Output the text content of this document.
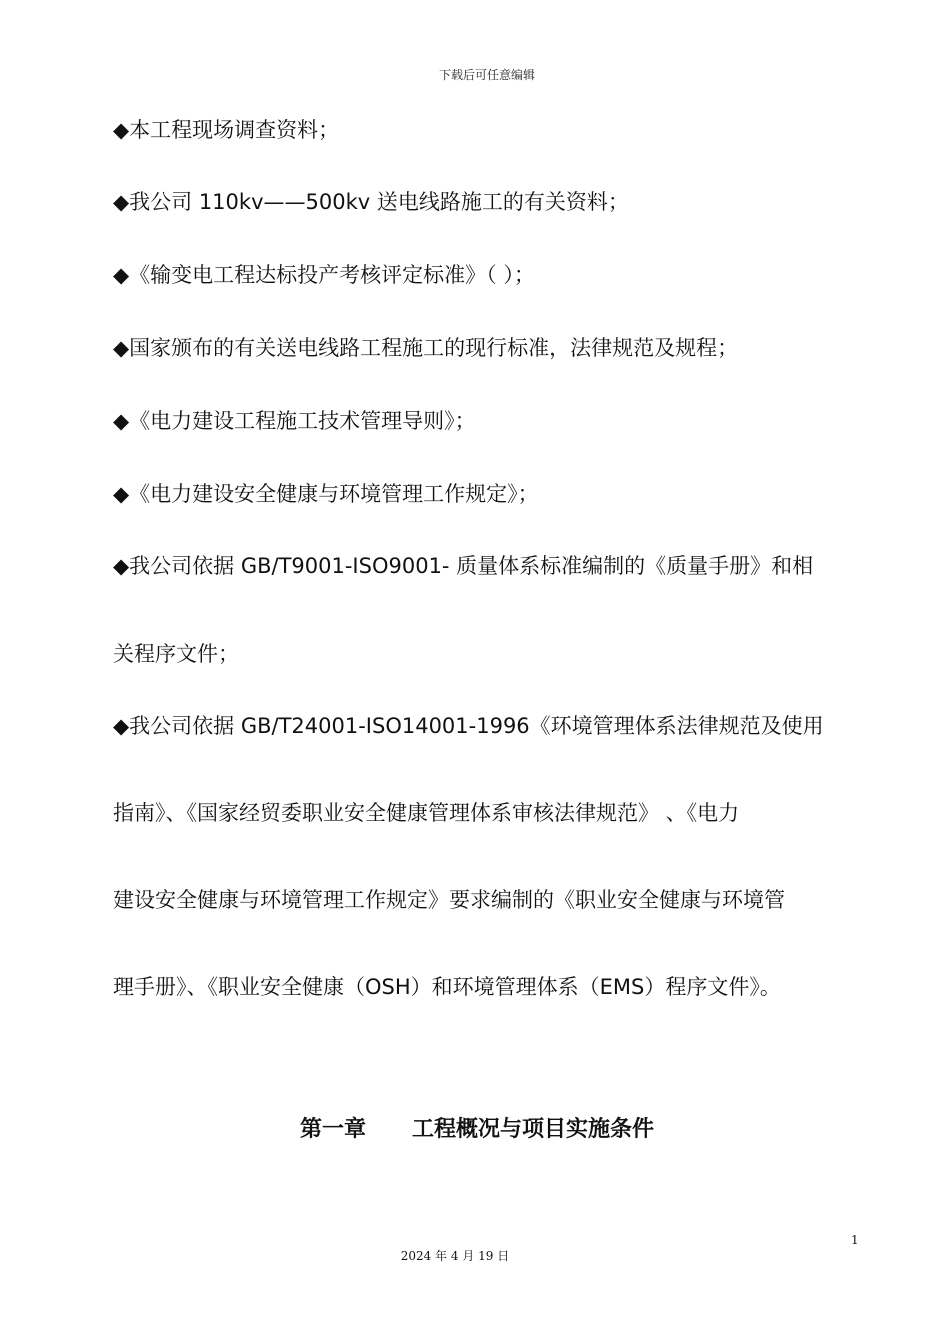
下载后可任意编辑
◆本工程现场调查资料；
◆我公司 110kv——500kv 送电线路施工的有关资料；
◆《输变电工程达标投产考核评定标准》（ ）；
◆国家颁布的有关送电线路工程施工的现行标准，法律规范及规程；
◆《电力建设工程施工技术管理导则》；
◆《电力建设安全健康与环境管理工作规定》；
◆我公司依据 GB/T9001-ISO9001- 质量体系标准编制的《质量手册》和相
关程序文件；
◆我公司依据 GB/T24001-ISO14001-1996《环境管理体系法律规范及使用
指南》、《国家经贸委职业安全健康管理体系审核法律规范》 、《电力
建设安全健康与环境管理工作规定》要求编制的《职业安全健康与环境管
理手册》、《职业安全健康（OSH）和环境管理体系（EMS）程序文件》。
第一章      工程概况与项目实施条件
1
2024 年 4 月 19 日
